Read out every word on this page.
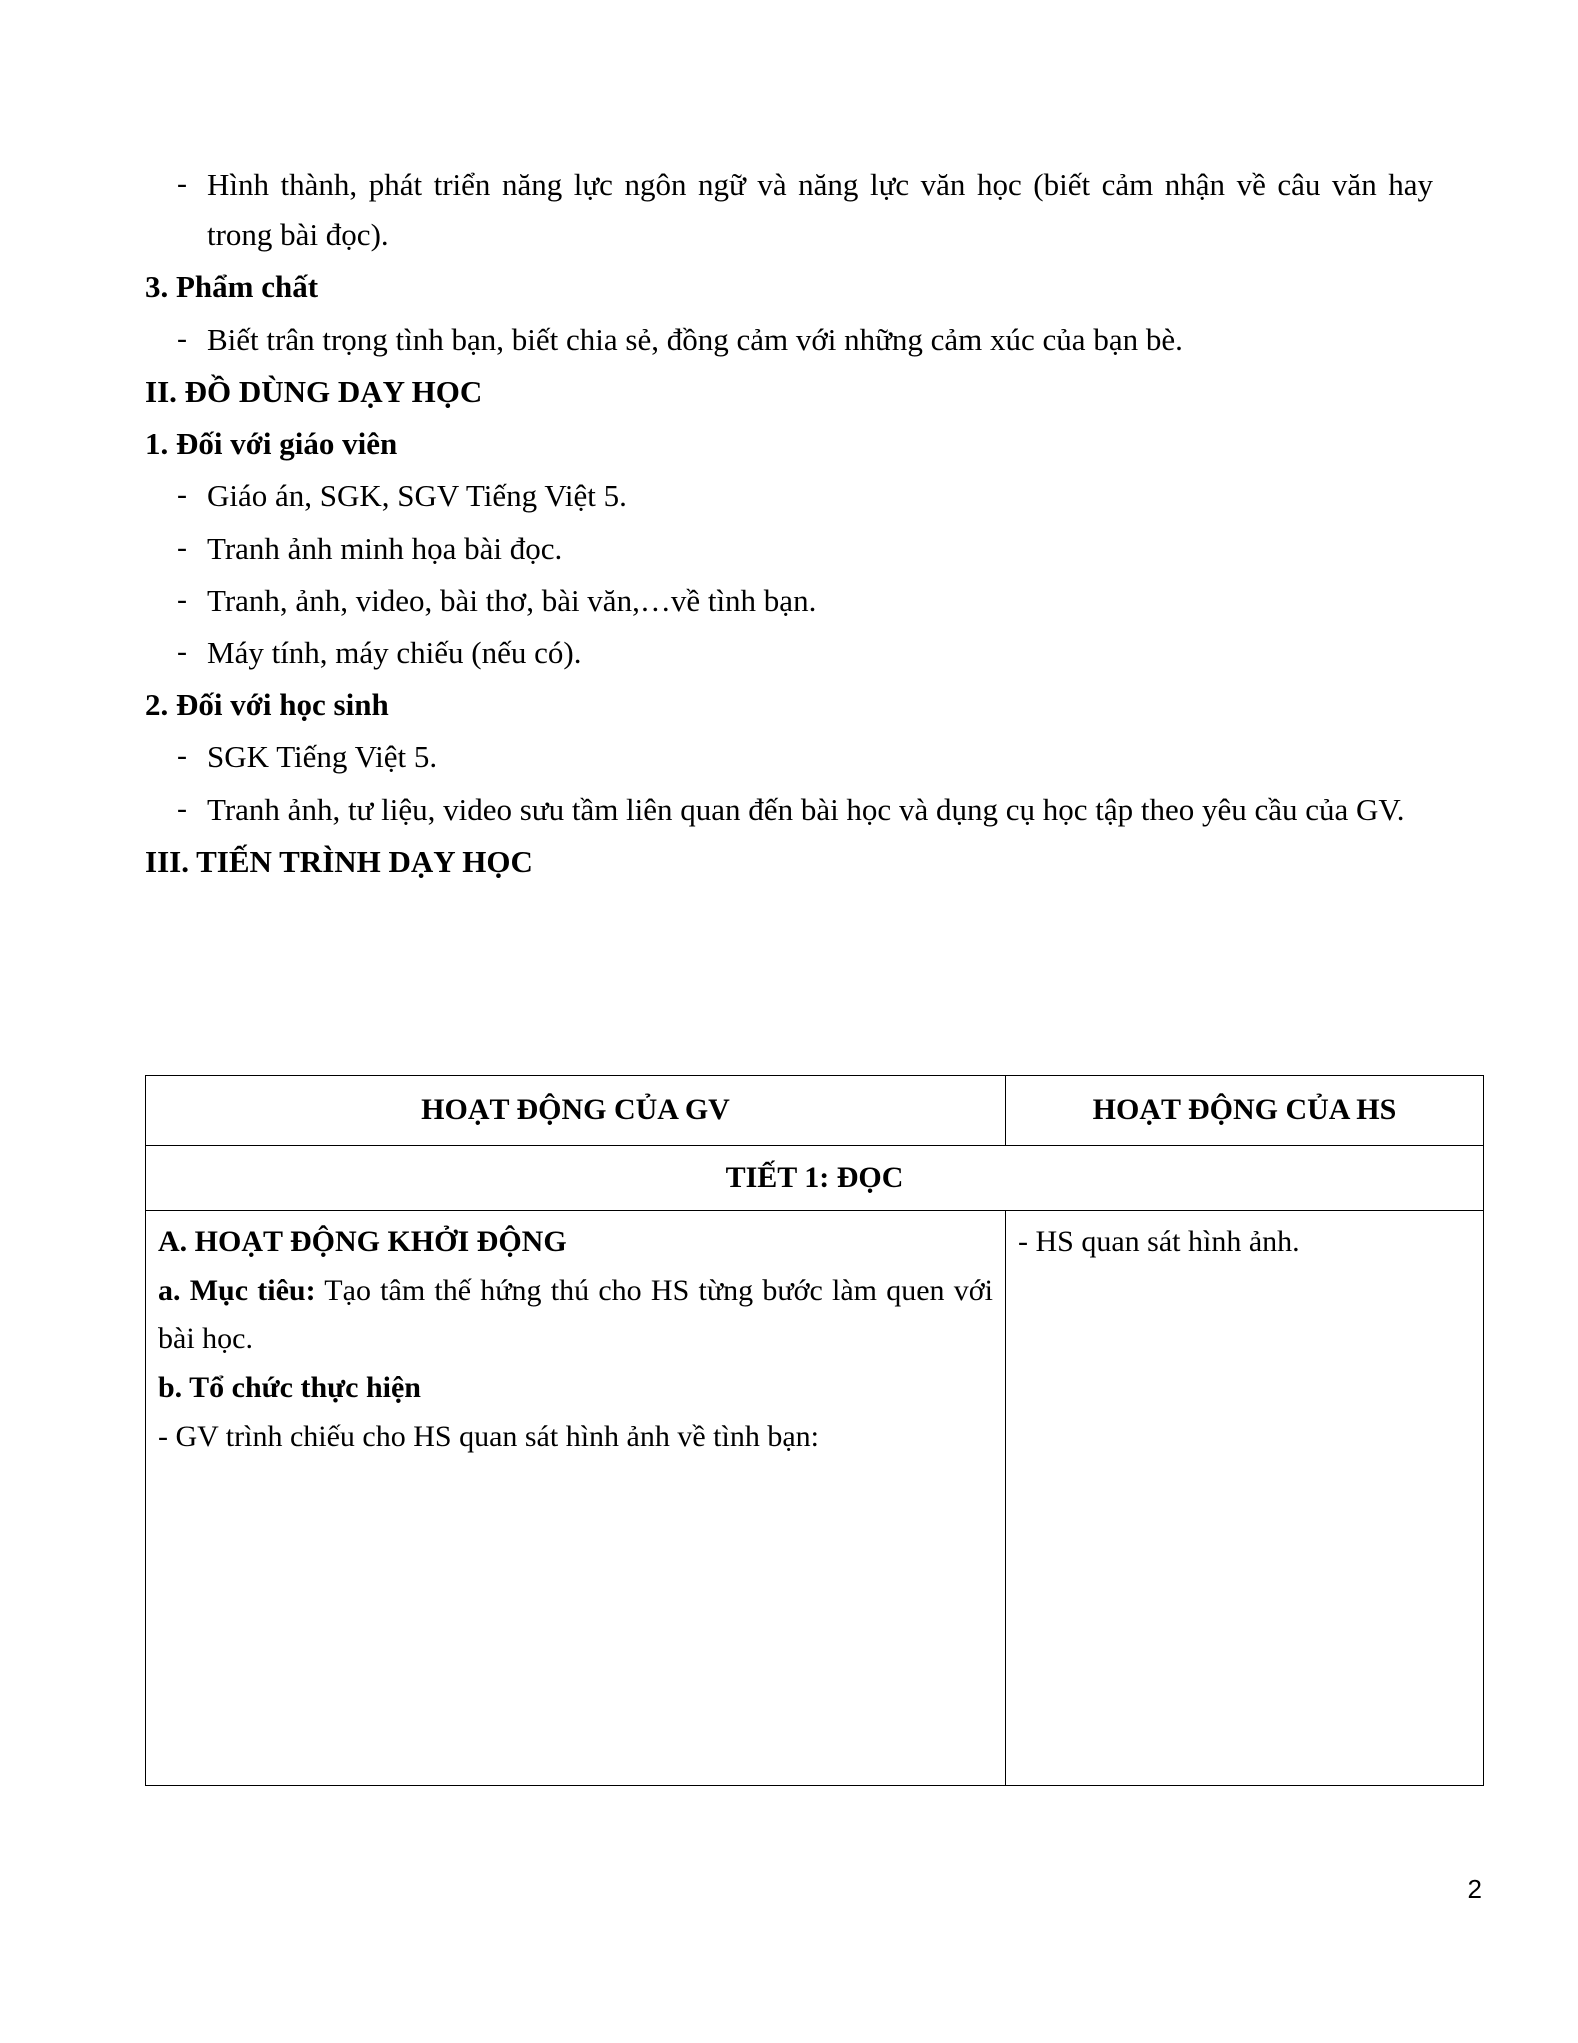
- Hình thành, phát triển năng lực ngôn ngữ và năng lực văn học (biết cảm nhận về câu văn hay trong bài đọc).
3. Phẩm chất
- Biết trân trọng tình bạn, biết chia sẻ, đồng cảm với những cảm xúc của bạn bè.
II. ĐỒ DÙNG DẠY HỌC
1. Đối với giáo viên
- Giáo án, SGK, SGV Tiếng Việt 5.
- Tranh ảnh minh họa bài đọc.
- Tranh, ảnh, video, bài thơ, bài văn,…về tình bạn.
- Máy tính, máy chiếu (nếu có).
2. Đối với học sinh
- SGK Tiếng Việt 5.
- Tranh ảnh, tư liệu, video sưu tầm liên quan đến bài học và dụng cụ học tập theo yêu cầu của GV.
III. TIẾN TRÌNH DẠY HỌC
HOẠT ĐỘNG CỦA GV	HOẠT ĐỘNG CỦA HS
TIẾT 1: ĐỌC	

A. HOẠT ĐỘNG KHỞI ĐỘNG
a. Mục tiêu: Tạo tâm thế hứng thú cho HS từng bước làm quen với bài học.
b. Tổ chức thực hiện
- GV trình chiếu cho HS quan sát hình ảnh về tình bạn:	- HS quan sát hình ảnh.
2
